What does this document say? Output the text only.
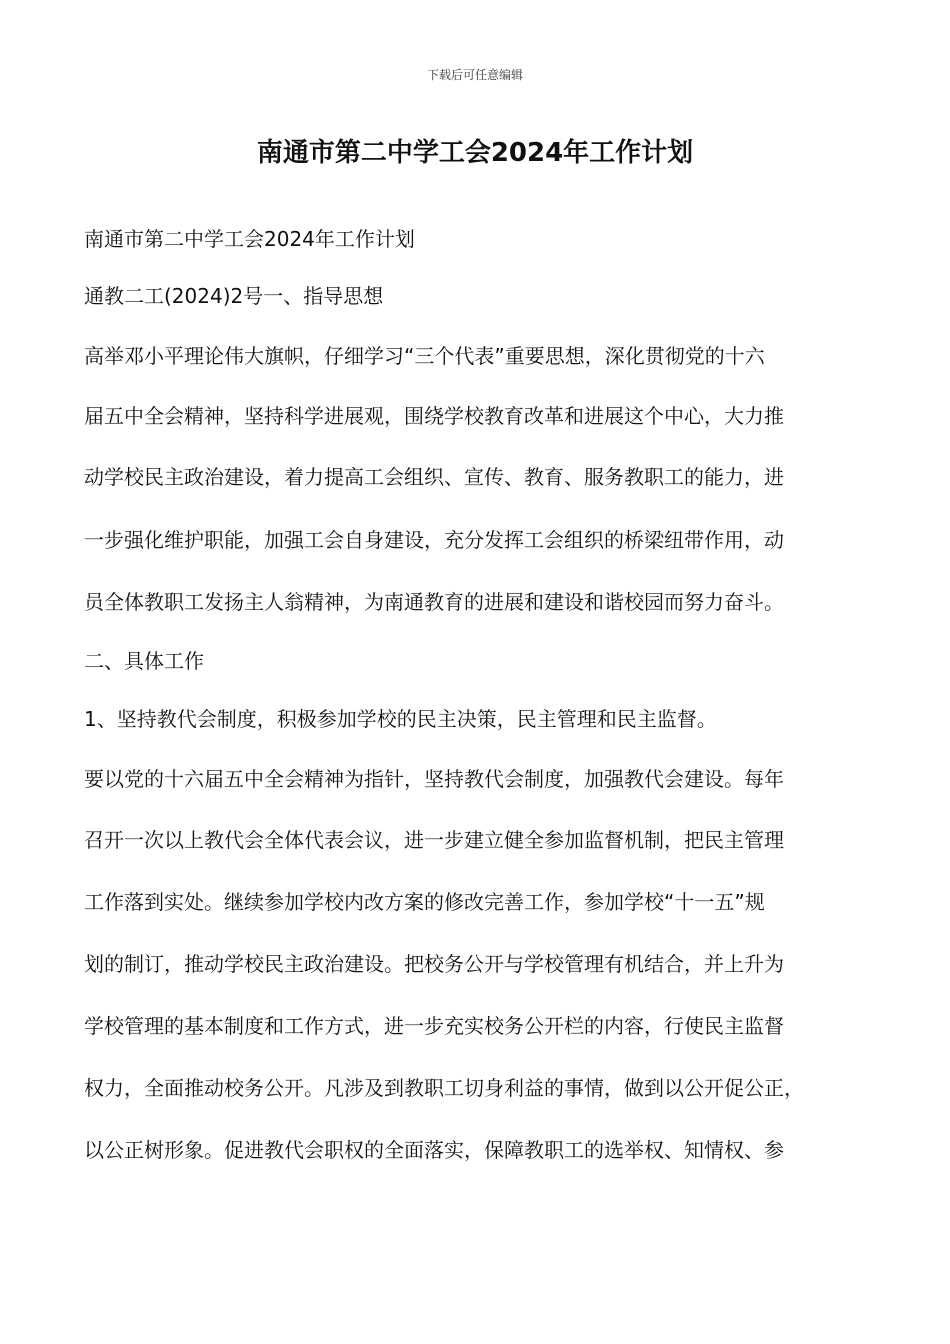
下载后可任意编辑
南通市第二中学工会2024年工作计划
南通市第二中学工会2024年工作计划
通教二工(2024)2号一、指导思想
高举邓小平理论伟大旗帜，仔细学习“三个代表”重要思想，深化贯彻党的十六
届五中全会精神，坚持科学进展观，围绕学校教育改革和进展这个中心，大力推
动学校民主政治建设，着力提高工会组织、宣传、教育、服务教职工的能力，进
一步强化维护职能，加强工会自身建设，充分发挥工会组织的桥梁纽带作用，动
员全体教职工发扬主人翁精神，为南通教育的进展和建设和谐校园而努力奋斗。
二、具体工作
1、坚持教代会制度，积极参加学校的民主决策，民主管理和民主监督。
要以党的十六届五中全会精神为指针，坚持教代会制度，加强教代会建设。每年
召开一次以上教代会全体代表会议，进一步建立健全参加监督机制，把民主管理
工作落到实处。继续参加学校内改方案的修改完善工作，参加学校“十一五”规
划的制订，推动学校民主政治建设。把校务公开与学校管理有机结合，并上升为
学校管理的基本制度和工作方式，进一步充实校务公开栏的内容，行使民主监督
权力，全面推动校务公开。凡涉及到教职工切身利益的事情，做到以公开促公正，
以公正树形象。促进教代会职权的全面落实，保障教职工的选举权、知情权、参
